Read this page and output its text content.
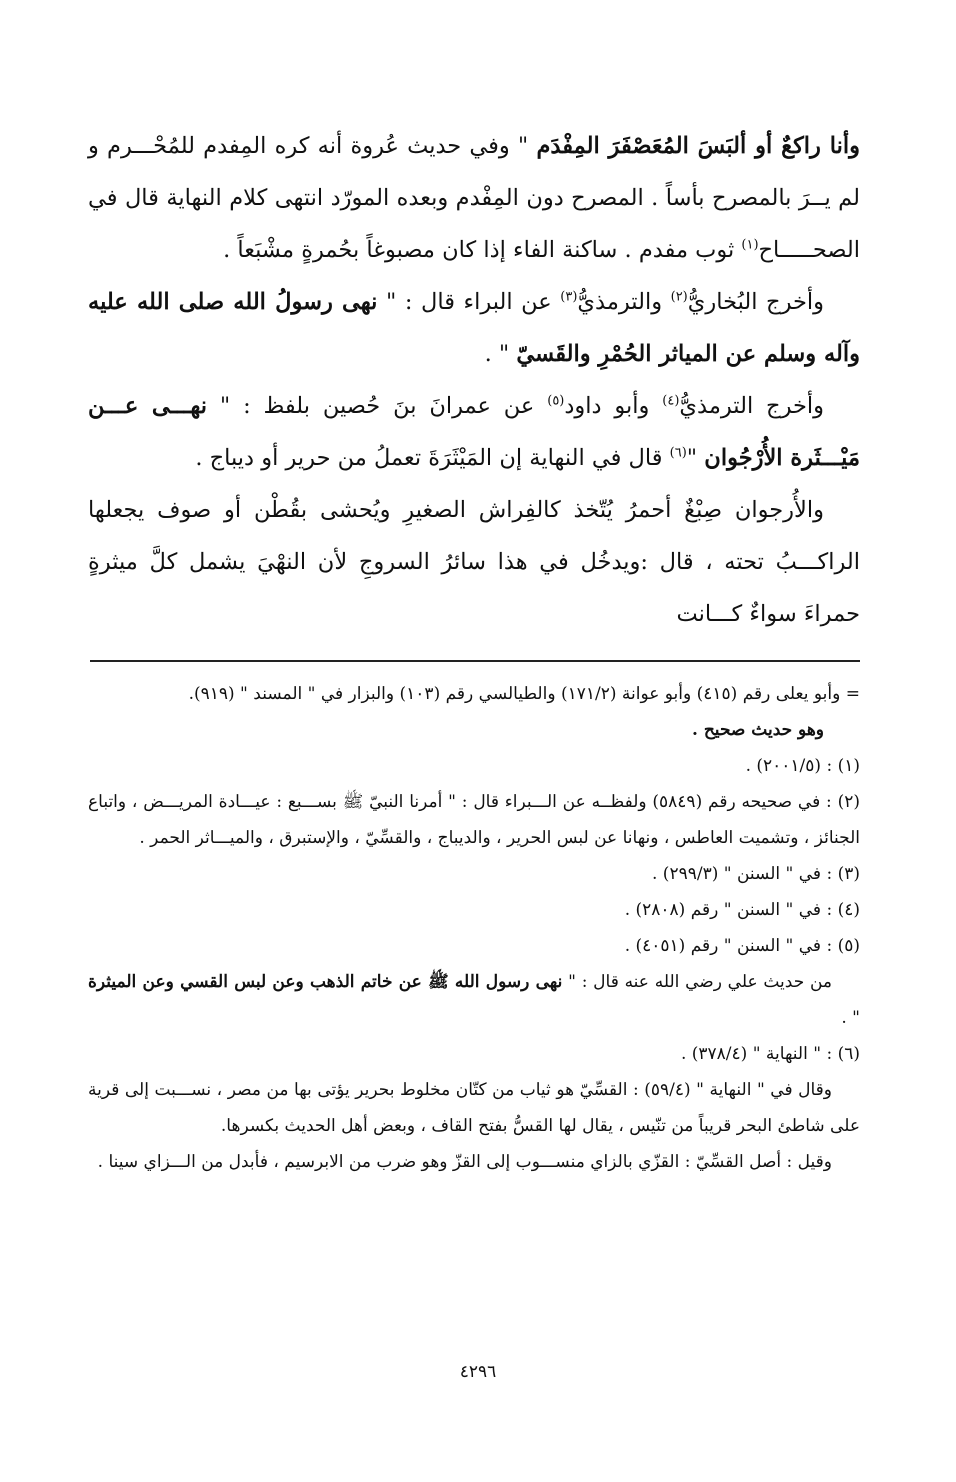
وأنا راكعٌ أو ألبَسَ المُعَصْفَرَ المِفْدَم " وفي حديث عُروة أنه كره المِفدم للمُحْـــرم و لم يــرَ بالمصرح بأساً . المصرح دون المِفْدم وبعده المورّد انتهى كلام النهاية قال في الصحـــــاح$^{(١)}$ ثوب مفدم . ساكنة الفاء إذا كان مصبوغاً بحُمرةٍ مشْبَعاً .

وأخرج البُخاريُّ$^{(٢)}$ والترمذيُّ$^{(٣)}$ عن البراء قال : " نهى رسولُ الله صلى الله عليه وآله وسلم عن المياثر الحُمْرِ والقَسيّ " .

وأخرج الترمذيُّ$^{(٤)}$ وأبو داود$^{(٥)}$ عن عمرانَ بنَ حُصين بلفظ : " نهـــى عـــن مَيْـــثَرة الأُرْجُوان "$^{(٦)}$ قال في النهاية إن المَيْثَرَةَ تعملُ من حرير أو ديباج .

والأُرجوان صِبْغٌ أحمرُ يُتّخذ كالفِراش الصغيرِ ويُحشى بقُطْن أو صوف يجعلها الراكـــبُ تحته ، قال :ويدخُل في هذا سائرُ السروجِ لأن النهْيَ يشمل كلَّ ميثرةٍ حمراءَ سواءٌ كـــانت

= وأبو يعلى رقم (٤١٥) وأبو عوانة (١٧١/٢) والطيالسي رقم (١٠٣) والبزار في " المسند " (٩١٩).

وهو حديث صحيح .

(١) : (٢٠٠١/٥) .

(٢) : في صحيحه رقم (٥٨٤٩) ولفظــه عن الـــبراء قال : " أمرنا النبيّ ﷺ بســـبع : عيـــادة المريـــض ، واتباع الجنائز ، وتشميت العاطس ، ونهانا عن لبس الحرير ، والديباج ، والقسِّيّ ، والإستبرق ، والميـــاثر الحمر .

(٣) : في " السنن " (٢٩٩/٣) .

(٤) : في " السنن " رقم (٢٨٠٨) .

(٥) : في " السنن " رقم (٤٠٥١) .

من حديث علي رضي الله عنه قال : " نهى رسول الله ﷺ عن خاتم الذهب وعن لبس القسي وعن الميثرة " .

(٦) : " النهاية " (٣٧٨/٤) .

وقال في " النهاية " (٥٩/٤) : القسِّيّ هو ثياب من كتّان مخلوط بحرير يؤتى بها من مصر ، نســـبت إلى قرية على شاطئ البحر قريباً من تنّيس ، يقال لها القسُّ بفتح القاف ، وبعض أهل الحديث بكسرها.

وقيل : أصل القسِّيّ : القزّي بالزاي منســـوب إلى القزّ وهو ضرب من الابرسيم ، فأبدل من الـــزاي سينا .

٤٢٩٦
